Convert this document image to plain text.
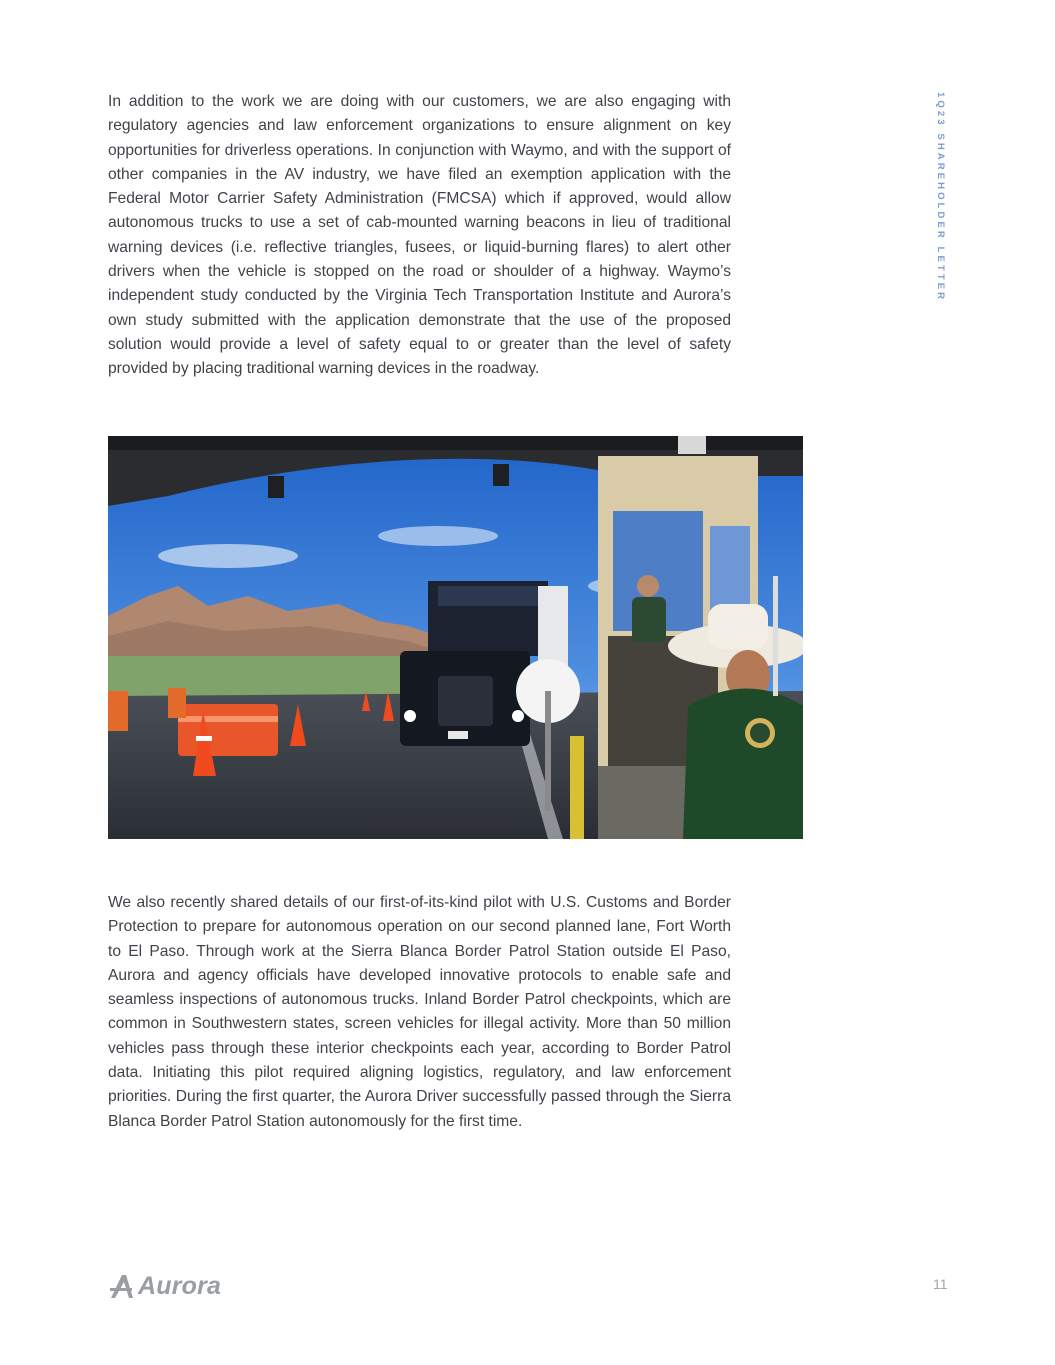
1Q23 SHAREHOLDER LETTER

In addition to the work we are doing with our customers, we are also engaging with regulatory agencies and law enforcement organizations to ensure alignment on key opportunities for driverless operations. In conjunction with Waymo, and with the support of other companies in the AV industry, we have filed an exemption application with the Federal Motor Carrier Safety Administration (FMCSA) which if approved, would allow autonomous trucks to use a set of cab-mounted warning beacons in lieu of traditional warning devices (i.e. reflective triangles, fusees, or liquid-burning flares) to alert other drivers when the vehicle is stopped on the road or shoulder of a highway. Waymo’s independent study conducted by the Virginia Tech Transportation Institute and Aurora’s own study submitted with the application demonstrate that the use of the proposed solution would provide a level of safety equal to or greater than the level of safety provided by placing traditional warning devices in the roadway.

We also recently shared details of our first-of-its-kind pilot with U.S. Customs and Border Protection to prepare for autonomous operation on our second planned lane, Fort Worth to El Paso. Through work at the Sierra Blanca Border Patrol Station outside El Paso, Aurora and agency officials have developed innovative protocols to enable safe and seamless inspections of autonomous trucks. Inland Border Patrol checkpoints, which are common in Southwestern states, screen vehicles for illegal activity. More than 50 million vehicles pass through these interior checkpoints each year, according to Border Patrol data. Initiating this pilot required aligning logistics, regulatory, and law enforcement priorities. During the first quarter, the Aurora Driver successfully passed through the Sierra Blanca Border Patrol Station autonomously for the first time.

Aurora	11
